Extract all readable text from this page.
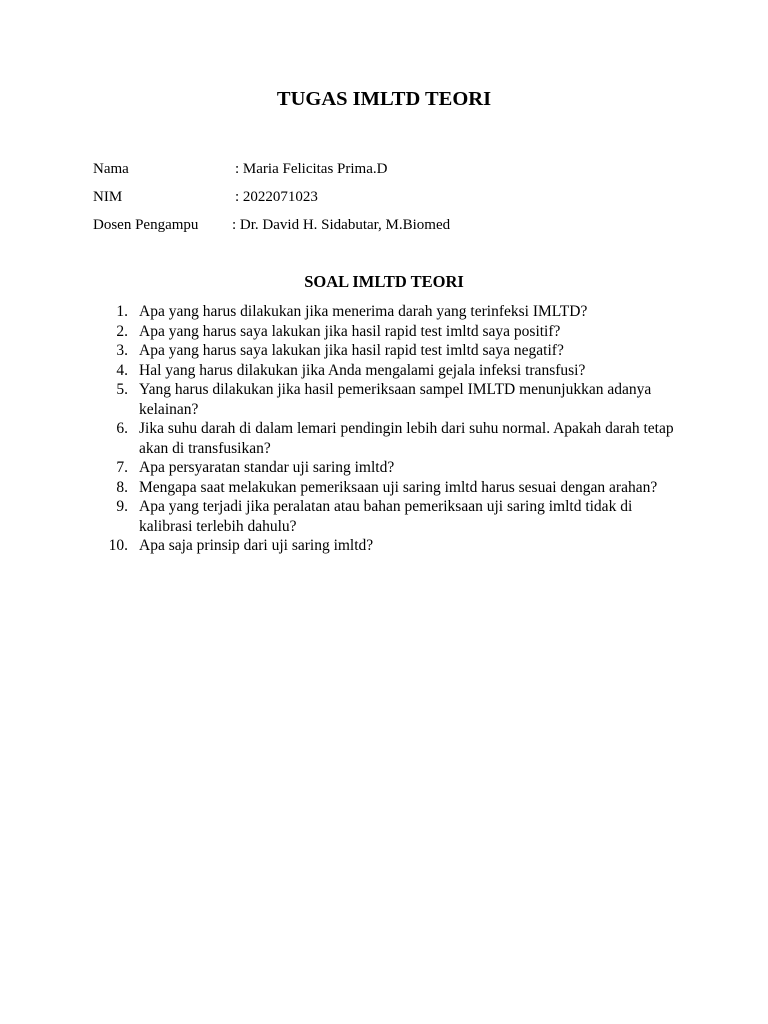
TUGAS IMLTD TEORI
Nama	: Maria Felicitas Prima.D
NIM	: 2022071023
Dosen Pengampu : Dr. David H. Sidabutar, M.Biomed
SOAL IMLTD TEORI
1. Apa yang harus dilakukan jika menerima darah yang terinfeksi IMLTD?
2. Apa yang harus saya lakukan jika hasil rapid test imltd saya positif?
3. Apa yang harus saya lakukan jika hasil rapid test imltd saya negatif?
4. Hal yang harus dilakukan jika Anda mengalami gejala infeksi transfusi?
5. Yang harus dilakukan jika hasil pemeriksaan sampel IMLTD menunjukkan adanya kelainan?
6. Jika suhu darah di dalam lemari pendingin lebih dari suhu normal. Apakah darah tetap akan di transfusikan?
7. Apa persyaratan standar uji saring imltd?
8. Mengapa saat melakukan pemeriksaan uji saring imltd harus sesuai dengan arahan?
9. Apa yang terjadi jika peralatan atau bahan pemeriksaan uji saring imltd tidak di kalibrasi terlebih dahulu?
10. Apa saja prinsip dari uji saring imltd?
